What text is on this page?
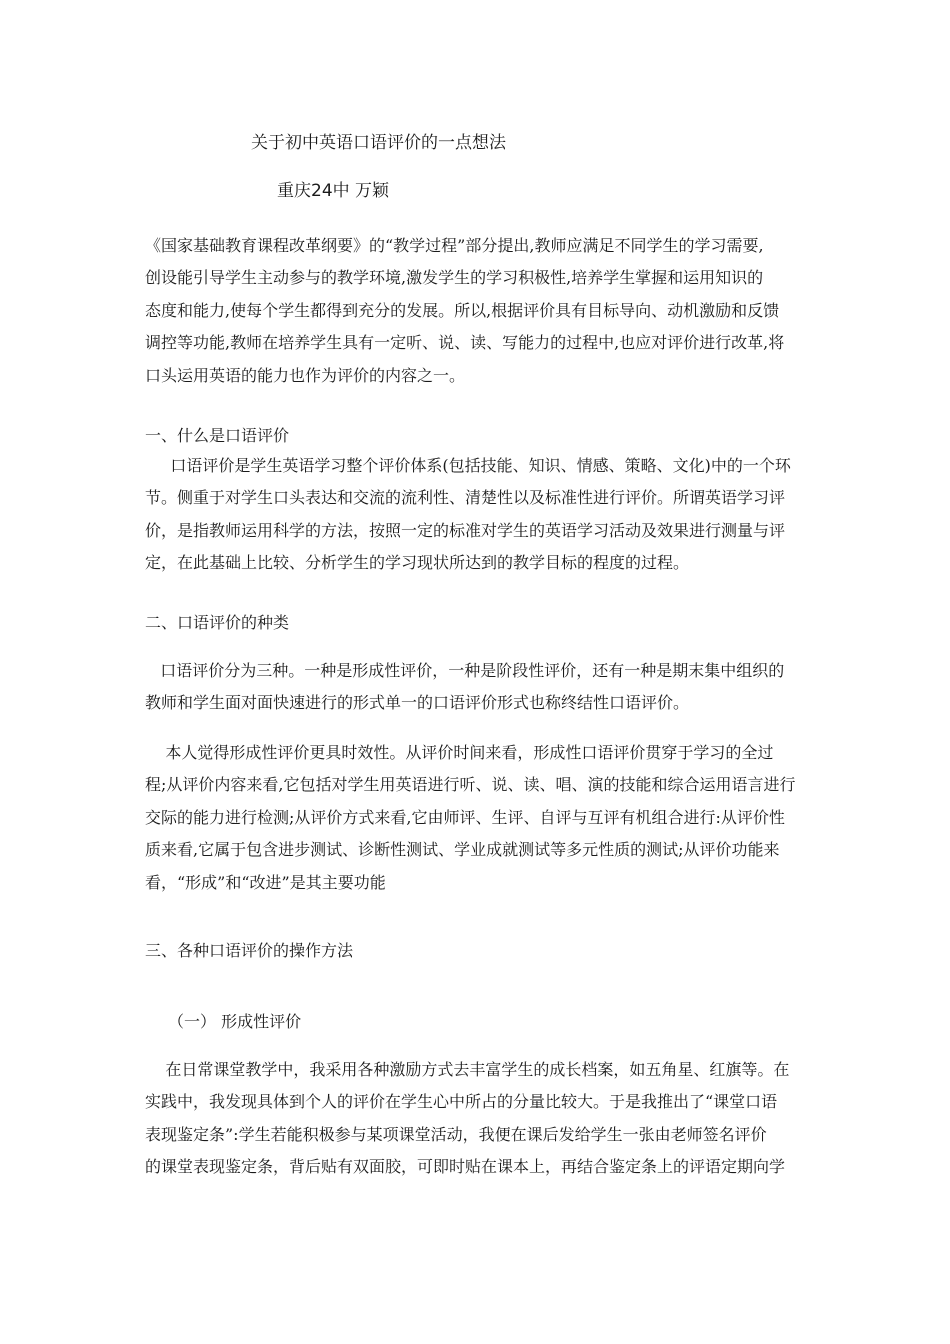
关于初中英语口语评价的一点想法
重庆24中 万颖
《国家基础教育课程改革纲要》的“教学过程”部分提出,教师应满足不同学生的学习需要,
创设能引导学生主动参与的教学环境,激发学生的学习积极性,培养学生掌握和运用知识的
态度和能力,使每个学生都得到充分的发展。所以,根据评价具有目标导向、动机激励和反馈
调控等功能,教师在培养学生具有一定听、说、读、写能力的过程中,也应对评价进行改革,将
口头运用英语的能力也作为评价的内容之一。
一、什么是口语评价
口语评价是学生英语学习整个评价体系(包括技能、知识、情感、策略、文化)中的一个环
节。侧重于对学生口头表达和交流的流利性、清楚性以及标准性进行评价。所谓英语学习评
价，是指教师运用科学的方法，按照一定的标准对学生的英语学习活动及效果进行测量与评
定，在此基础上比较、分析学生的学习现状所达到的教学目标的程度的过程。
二、口语评价的种类
口语评价分为三种。一种是形成性评价，一种是阶段性评价，还有一种是期末集中组织的
教师和学生面对面快速进行的形式单一的口语评价形式也称终结性口语评价。
本人觉得形成性评价更具时效性。从评价时间来看，形成性口语评价贯穿于学习的全过
程;从评价内容来看,它包括对学生用英语进行听、说、读、唱、演的技能和综合运用语言进行
交际的能力进行检测;从评价方式来看,它由师评、生评、自评与互评有机组合进行:从评价性
质来看,它属于包含进步测试、诊断性测试、学业成就测试等多元性质的测试;从评价功能来
看，“形成”和“改进”是其主要功能
三、各种口语评价的操作方法
（一） 形成性评价
在日常课堂教学中，我采用各种激励方式去丰富学生的成长档案，如五角星、红旗等。在
实践中，我发现具体到个人的评价在学生心中所占的分量比较大。于是我推出了“课堂口语
表现鉴定条”:学生若能积极参与某项课堂活动，我便在课后发给学生一张由老师签名评价
的课堂表现鉴定条，背后贴有双面胶，可即时贴在课本上，再结合鉴定条上的评语定期向学
